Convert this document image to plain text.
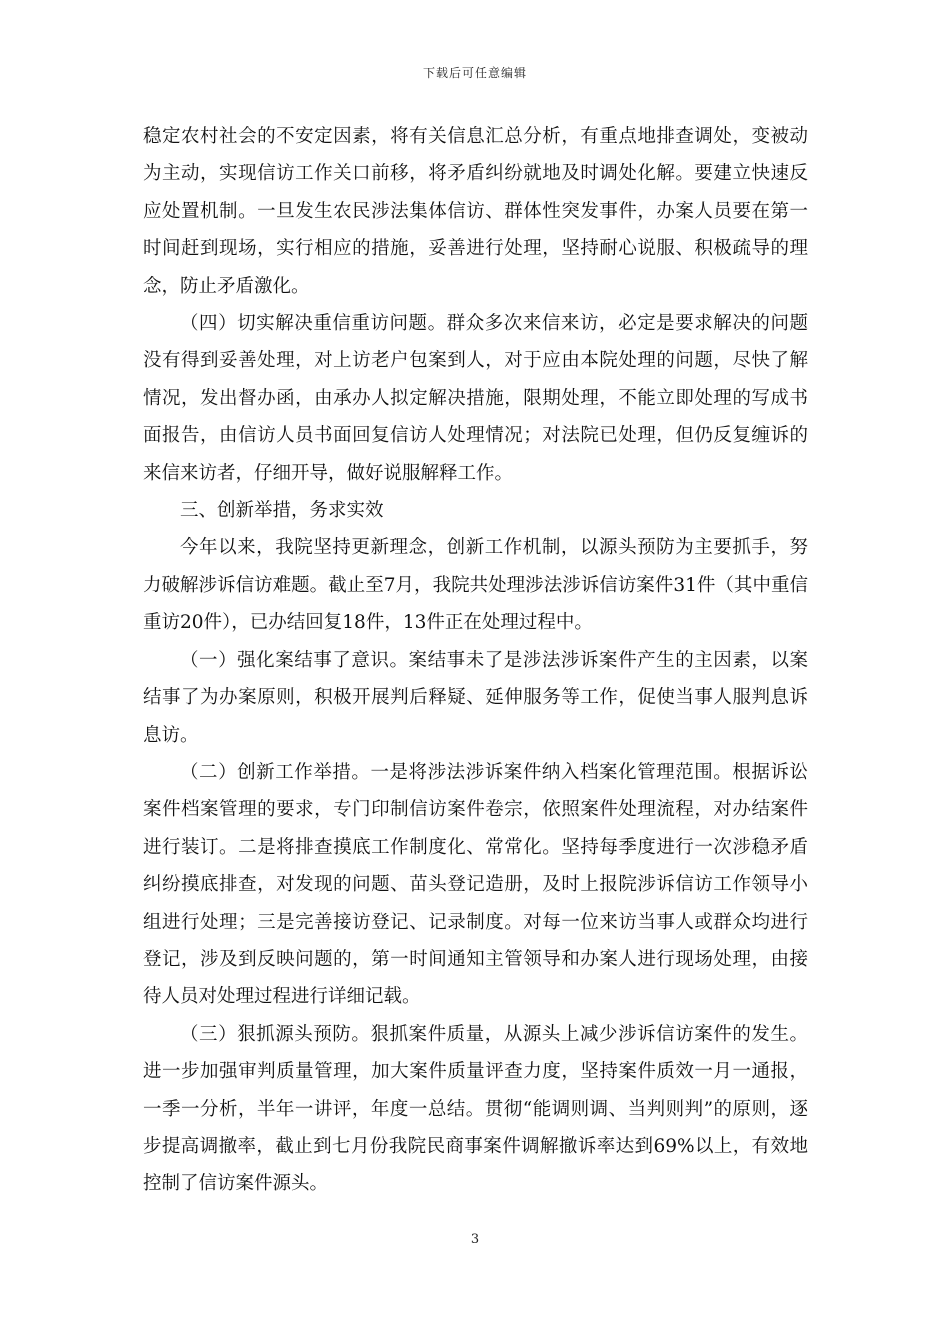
下载后可任意编辑

稳定农村社会的不安定因素，将有关信息汇总分析，有重点地排查调处，变被动为主动，实现信访工作关口前移，将矛盾纠纷就地及时调处化解。要建立快速反应处置机制。一旦发生农民涉法集体信访、群体性突发事件，办案人员要在第一时间赶到现场，实行相应的措施，妥善进行处理，坚持耐心说服、积极疏导的理念，防止矛盾激化。

（四）切实解决重信重访问题。群众多次来信来访，必定是要求解决的问题没有得到妥善处理，对上访老户包案到人，对于应由本院处理的问题，尽快了解情况，发出督办函，由承办人拟定解决措施，限期处理，不能立即处理的写成书面报告，由信访人员书面回复信访人处理情况；对法院已处理，但仍反复缠诉的来信来访者，仔细开导，做好说服解释工作。

三、创新举措，务求实效

今年以来，我院坚持更新理念，创新工作机制，以源头预防为主要抓手，努力破解涉诉信访难题。截止至7月，我院共处理涉法涉诉信访案件31件（其中重信重访20件），已办结回复18件，13件正在处理过程中。

（一）强化案结事了意识。案结事未了是涉法涉诉案件产生的主因素，以案结事了为办案原则，积极开展判后释疑、延伸服务等工作，促使当事人服判息诉息访。

（二）创新工作举措。一是将涉法涉诉案件纳入档案化管理范围。根据诉讼案件档案管理的要求，专门印制信访案件卷宗，依照案件处理流程，对办结案件进行装订。二是将排查摸底工作制度化、常常化。坚持每季度进行一次涉稳矛盾纠纷摸底排查，对发现的问题、苗头登记造册，及时上报院涉诉信访工作领导小组进行处理；三是完善接访登记、记录制度。对每一位来访当事人或群众均进行登记，涉及到反映问题的，第一时间通知主管领导和办案人进行现场处理，由接待人员对处理过程进行详细记载。

（三）狠抓源头预防。狠抓案件质量，从源头上减少涉诉信访案件的发生。进一步加强审判质量管理，加大案件质量评查力度，坚持案件质效一月一通报，一季一分析，半年一讲评，年度一总结。贯彻“能调则调、当判则判”的原则，逐步提高调撤率，截止到七月份我院民商事案件调解撤诉率达到69%以上，有效地控制了信访案件源头。

3
